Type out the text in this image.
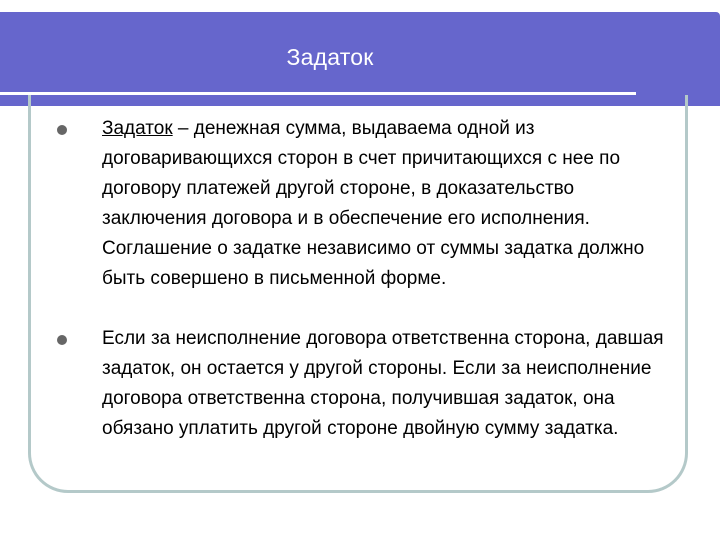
Задаток

Задаток – денежная сумма, выдаваема одной из договаривающихся сторон в счет причитающихся с нее по договору платежей другой стороне, в доказательство заключения договора и в обеспечение его исполнения. Соглашение о задатке независимо от суммы задатка должно быть совершено в письменной форме.

Если за неисполнение договора ответственна сторона, давшая задаток, он остается у другой стороны. Если за неисполнение договора ответственна сторона, получившая задаток, она обязано уплатить другой стороне двойную сумму задатка.
